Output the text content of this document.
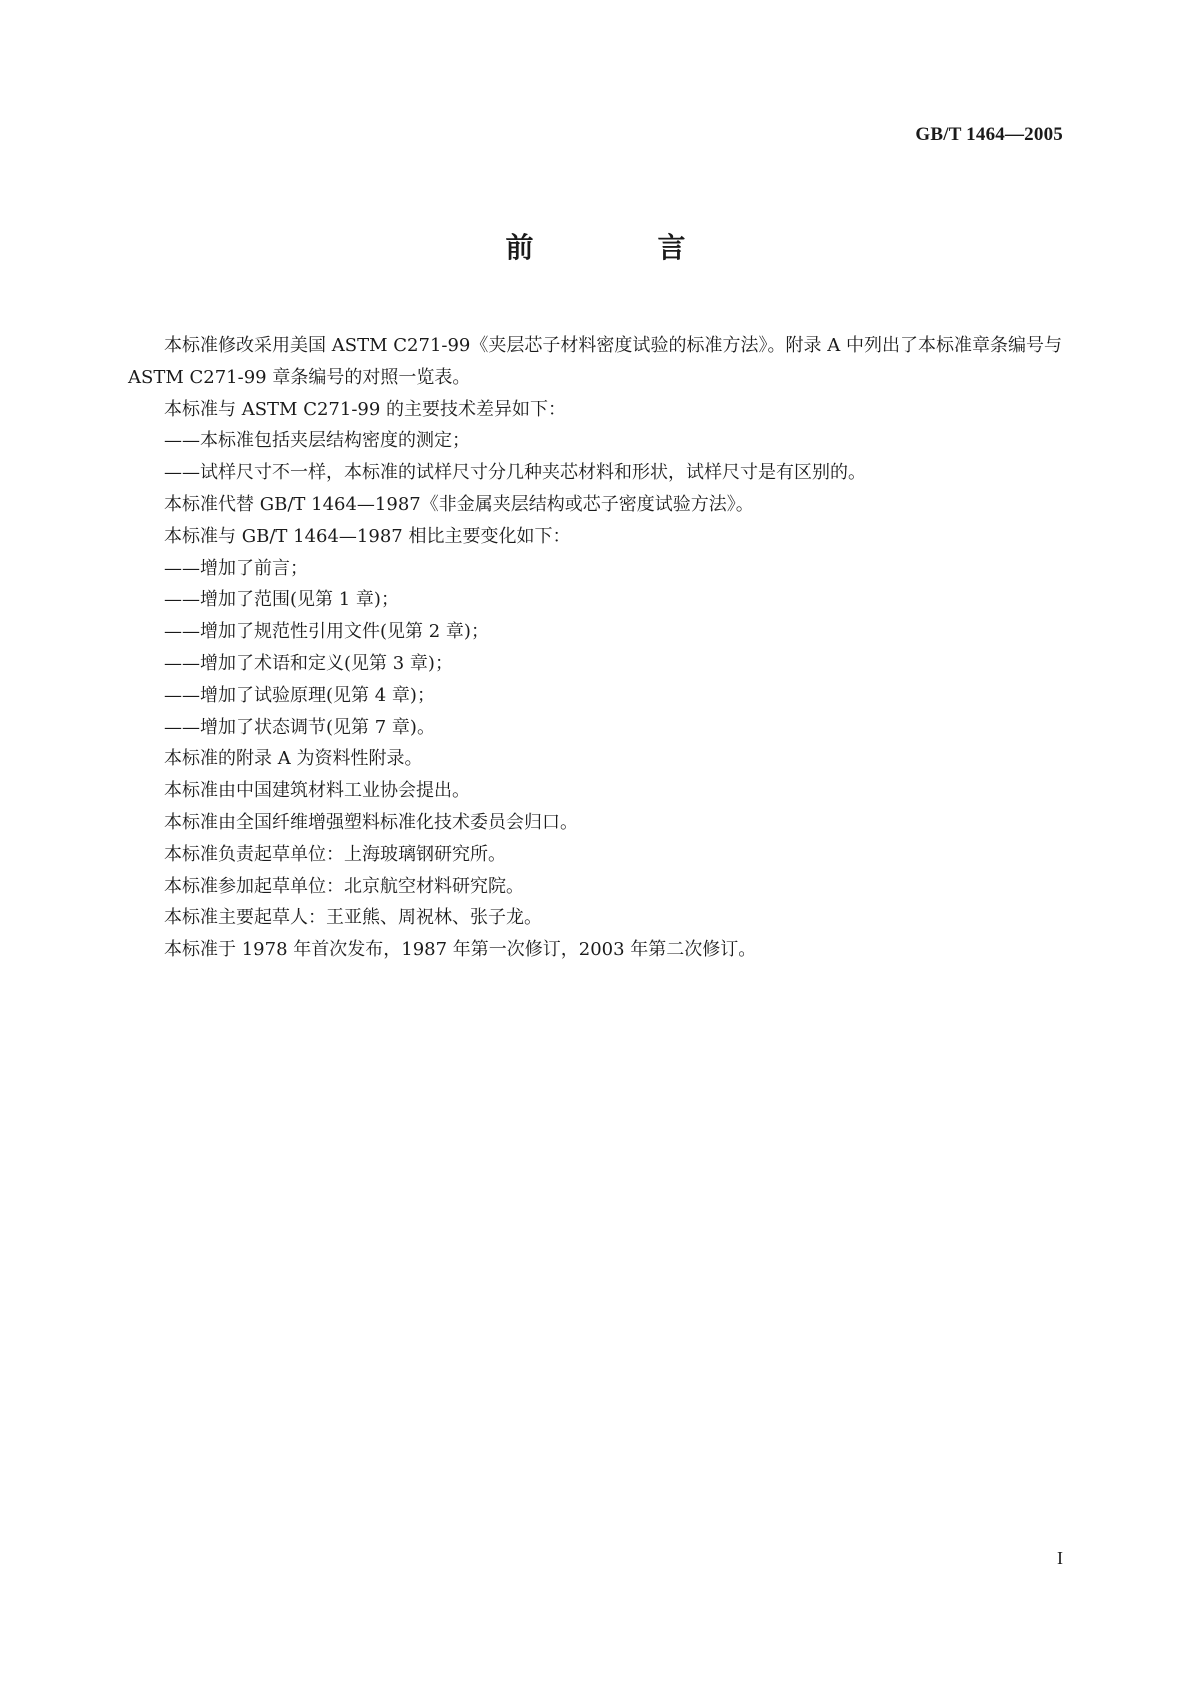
GB/T 1464—2005
前　言

本标准修改采用美国 ASTM C271-99《夹层芯子材料密度试验的标准方法》。附录 A 中列出了本标准章条编号与 ASTM C271-99 章条编号的对照一览表。

本标准与 ASTM C271-99 的主要技术差异如下：

——本标准包括夹层结构密度的测定；

——试样尺寸不一样，本标准的试样尺寸分几种夹芯材料和形状，试样尺寸是有区别的。

本标准代替 GB/T 1464—1987《非金属夹层结构或芯子密度试验方法》。

本标准与 GB/T 1464—1987 相比主要变化如下：

——增加了前言；

——增加了范围(见第 1 章)；

——增加了规范性引用文件(见第 2 章)；

——增加了术语和定义(见第 3 章)；

——增加了试验原理(见第 4 章)；

——增加了状态调节(见第 7 章)。

本标准的附录 A 为资料性附录。

本标准由中国建筑材料工业协会提出。

本标准由全国纤维增强塑料标准化技术委员会归口。

本标准负责起草单位：上海玻璃钢研究所。

本标准参加起草单位：北京航空材料研究院。

本标准主要起草人：王亚熊、周祝林、张子龙。

本标准于 1978 年首次发布，1987 年第一次修订，2003 年第二次修订。

I
